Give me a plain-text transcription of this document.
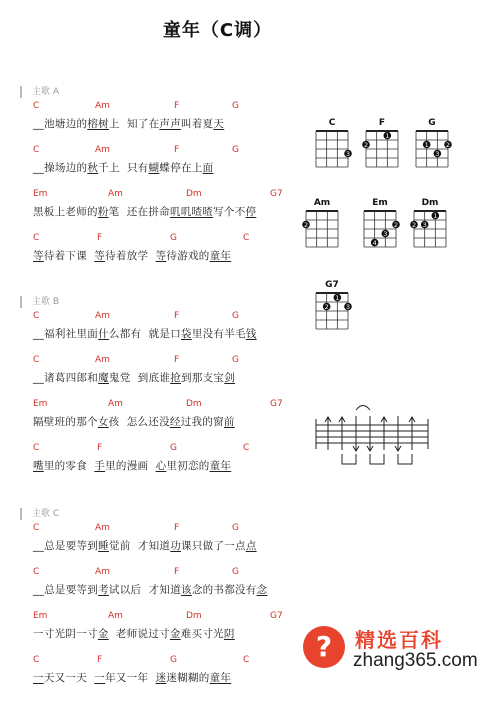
童年（C调）
主歌 A
C	Am	F	G
__池塘边的榕树上  知了在声声叫着夏天
C	Am	F	G
__操场边的秋千上  只有蝴蝶停在上面
Em	Am	Dm	G7
黑板上老师的粉笔  还在拼命叽叽喳喳写个不停
C	F	G	C
等待着下课  等待着放学  等待游戏的童年
主歌 B
C	Am	F	G
__福利社里面什么都有  就是口袋里没有半毛钱
C	Am	F	G
__诸葛四郎和魔鬼党  到底谁抢到那支宝剑
Em	Am	Dm	G7
隔壁班的那个女孩  怎么还没经过我的窗前
C	F	G	C
嘴里的零食  手里的漫画  心里初恋的童年
主歌 C
C	Am	F	G
__总是要等到睡觉前  才知道功课只做了一点点
C	Am	F	G
__总是要等到考试以后  才知道该念的书都没有念
Em	Am	Dm	G7
一寸光阴一寸金  老师说过寸金难买寸光阴
C	F	G	C
一天又一天  一年又一年  迷迷糊糊的童年
C
3
F
1
2
G
1	2
3
Am
2
Em
2
3
4
Dm
1
2 3
G7
1
2	3
?	精选百科
zhang365.com
